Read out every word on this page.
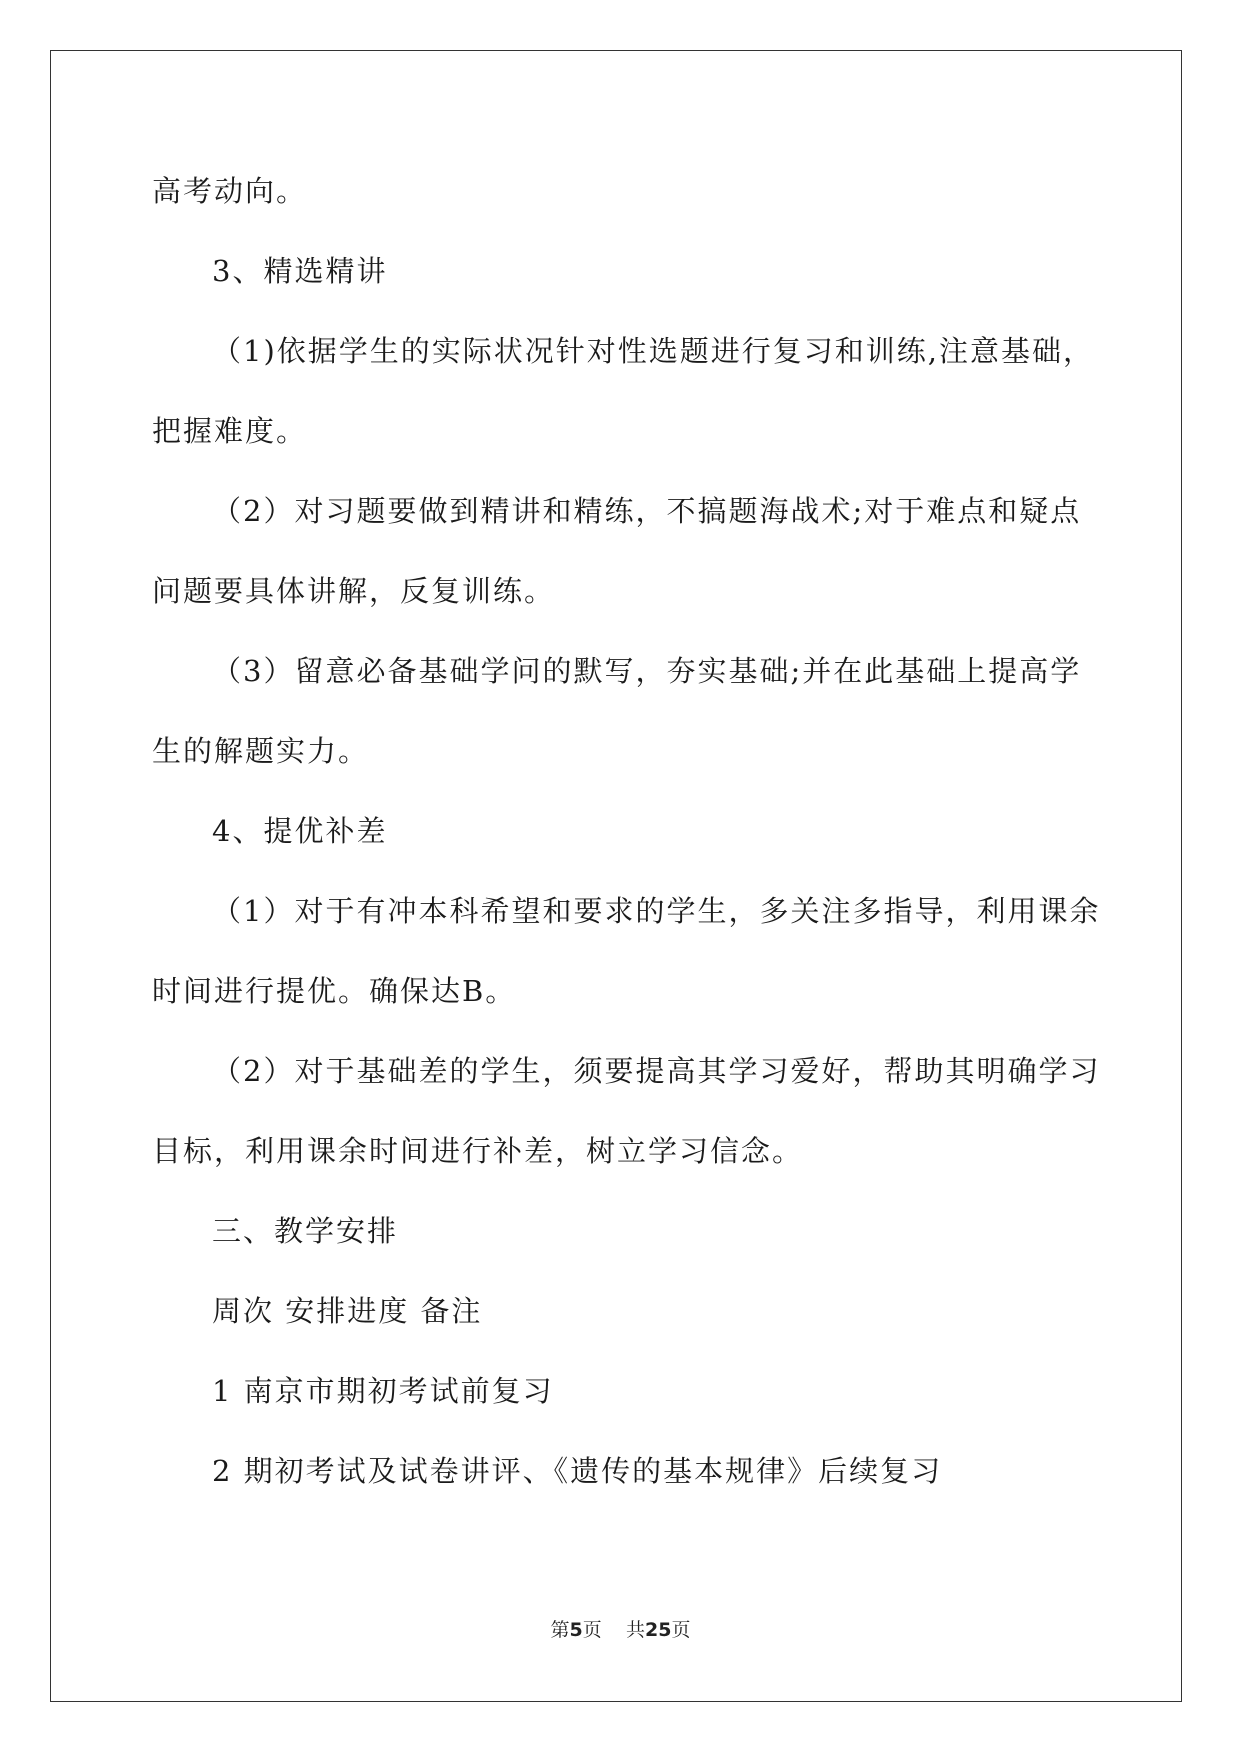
高考动向。
3、精选精讲
（1)依据学生的实际状况针对性选题进行复习和训练,注意基础，
把握难度。
（2）对习题要做到精讲和精练，不搞题海战术;对于难点和疑点
问题要具体讲解，反复训练。
（3）留意必备基础学问的默写，夯实基础;并在此基础上提高学
生的解题实力。
4、提优补差
（1）对于有冲本科希望和要求的学生，多关注多指导，利用课余
时间进行提优。确保达B。
（2）对于基础差的学生，须要提高其学习爱好，帮助其明确学习
目标，利用课余时间进行补差，树立学习信念。
三、教学安排
周次 安排进度 备注
1 南京市期初考试前复习
2 期初考试及试卷讲评、《遗传的基本规律》后续复习
第5页 共25页
